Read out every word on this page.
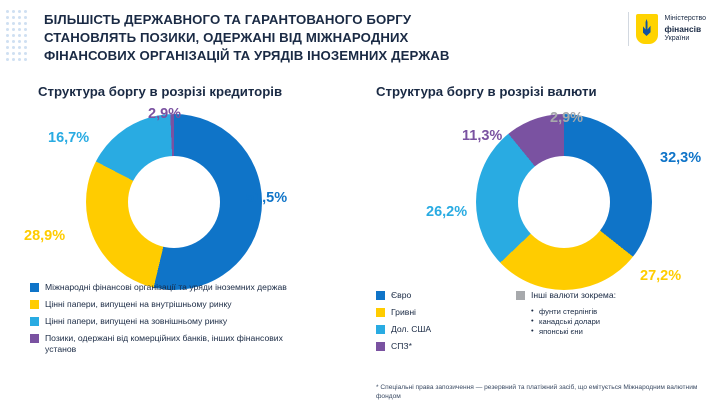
БІЛЬШІСТЬ ДЕРЖАВНОГО ТА ГАРАНТОВАНОГО БОРГУ
СТАНОВЛЯТЬ ПОЗИКИ, ОДЕРЖАНІ ВІД МІЖНАРОДНИХ
ФІНАНСОВИХ ОРГАНІЗАЦІЙ ТА УРЯДІВ ІНОЗЕМНИХ ДЕРЖАВ
Міністерство
фінансів
України
Структура боргу в розрізі кредиторів
51,5%
28,9%
16,7%
2,9%
Міжнародні фінансові організації та уряди іноземних держав
Цінні папери, випущені на внутрішньому ринку
Цінні папери, випущені на зовнішньому ринку
Позики, одержані від комерційних банків, інших фінансових установ
Структура боргу в розрізі валюти
32,3%
27,2%
26,2%
11,3%
2,9%
Євро
Гривні
Дол. США
СПЗ*
Інші валюти зокрема:
• фунти стерлінгів
• канадські долари
• японські єни
* Спеціальні права запозичення — резервний та платіжний засіб, що емітується Міжнародним валютним фондом
